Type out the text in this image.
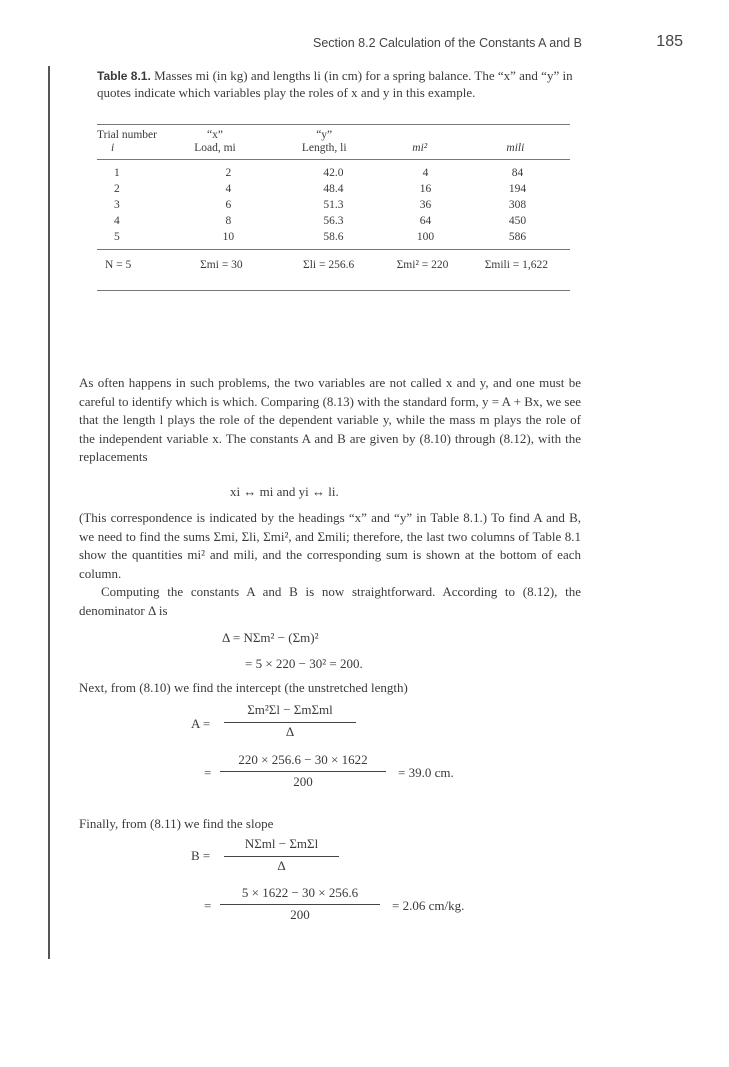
Section 8.2 Calculation of the Constants A and B	185
Table 8.1. Masses mi (in kg) and lengths li (in cm) for a spring balance. The “x” and “y” in quotes indicate which variables play the roles of x and y in this example.
Trial number	“x”	“y”		
i	Load, mi	Length, li	mi²	mili
1	2	42.0	4	84
2	4	48.4	16	194
3	6	51.3	36	308
4	8	56.3	64	450
5	10	58.6	100	586
N = 5	Σmi = 30	Σli = 256.6	Σmi² = 220	Σmili = 1,622
As often happens in such problems, the two variables are not called x and y, and one must be careful to identify which is which. Comparing (8.13) with the standard form, y = A + Bx, we see that the length l plays the role of the dependent variable y, while the mass m plays the role of the independent variable x. The constants A and B are given by (8.10) through (8.12), with the replacements
xi ↔ mi and yi ↔ li.
(This correspondence is indicated by the headings “x” and “y” in Table 8.1.) To find A and B, we need to find the sums Σmi, Σli, Σmi², and Σmili; therefore, the last two columns of Table 8.1 show the quantities mi² and mili, and the corresponding sum is shown at the bottom of each column.
Computing the constants A and B is now straightforward. According to (8.12), the denominator Δ is
Δ = NΣm² − (Σm)²
= 5 × 220 − 30² = 200.
Next, from (8.10) we find the intercept (the unstretched length)
A =
Σm²Σl − ΣmΣml
Δ
=
220 × 256.6 − 30 × 1622
200
= 39.0 cm.
Finally, from (8.11) we find the slope
B =
NΣml − ΣmΣl
Δ
=
5 × 1622 − 30 × 256.6
200
= 2.06 cm/kg.
